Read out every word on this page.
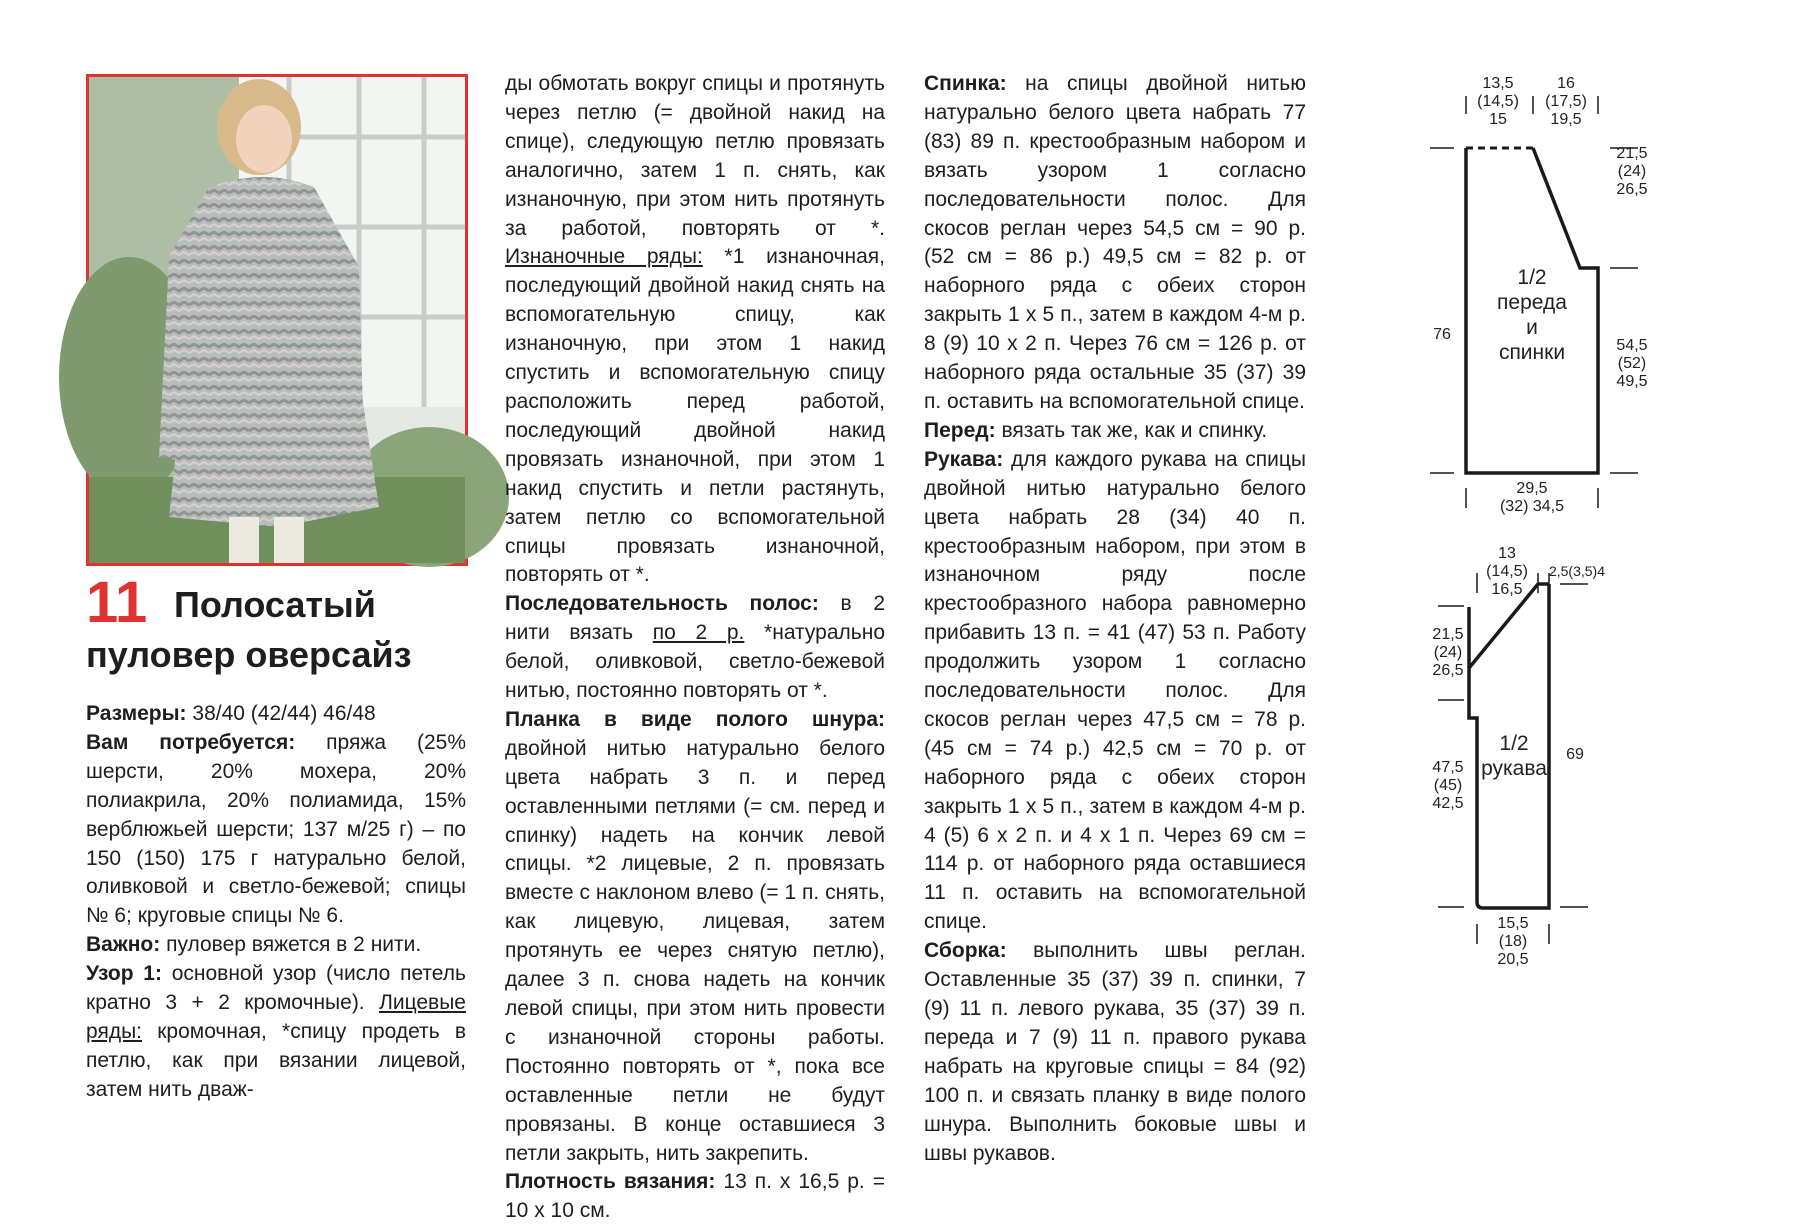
11 Полосатый
пуловер оверсайз

Размеры: 38/40 (42/44) 46/48

Вам потребуется: пряжа (25% шерсти, 20% мохера, 20% полиакрила, 20% полиамида, 15% верблюжьей шерсти; 137 м/25 г) – по 150 (150) 175 г натурально белой, оливковой и светло-бежевой; спицы № 6; круговые спицы № 6.

Важно: пуловер вяжется в 2 нити.

Узор 1: основной узор (число петель кратно 3 + 2 кромочные). Лицевые ряды: кромочная, *спицу продеть в петлю, как при вязании лицевой, затем нить дваж-

ды обмотать вокруг спицы и протянуть через петлю (= двойной накид на спице), следующую петлю провязать аналогично, затем 1 п. снять, как изнаночную, при этом нить протянуть за работой, повторять от *. Изнаночные ряды: *1 изнаночная, последующий двойной накид снять на вспомогательную спицу, как изнаночную, при этом 1 накид спустить и вспомогательную спицу расположить перед работой, последующий двойной накид провязать изнаночной, при этом 1 накид спустить и петли растянуть, затем петлю со вспомогательной спицы провязать изнаночной, повторять от *.

Последовательность полос: в 2 нити вязать по 2 р. *натурально белой, оливковой, светло-бежевой нитью, постоянно повторять от *.

Планка в виде полого шнура: двойной нитью натурально белого цвета набрать 3 п. и перед оставленными петлями (= см. перед и спинку) надеть на кончик левой спицы. *2 лицевые, 2 п. провязать вместе с наклоном влево (= 1 п. снять, как лицевую, лицевая, затем протянуть ее через снятую петлю), далее 3 п. снова надеть на кончик левой спицы, при этом нить провести с изнаночной стороны работы. Постоянно повторять от *, пока все оставленные петли не будут провязаны. В конце оставшиеся 3 петли закрыть, нить закрепить.

Плотность вязания: 13 п. х 16,5 р. = 10 х 10 см.

Спинка: на спицы двойной нитью натурально белого цвета набрать 77 (83) 89 п. крестообразным набором и вязать узором 1 согласно последовательности полос. Для скосов реглан через 54,5 см = 90 р. (52 см = 86 р.) 49,5 см = 82 р. от наборного ряда с обеих сторон закрыть 1 х 5 п., затем в каждом 4-м р. 8 (9) 10 х 2 п. Через 76 см = 126 р. от наборного ряда остальные 35 (37) 39 п. оставить на вспомогательной спице.

Перед: вязать так же, как и спинку.

Рукава: для каждого рукава на спицы двойной нитью натурально белого цвета набрать 28 (34) 40 п. крестообразным набором, при этом в изнаночном ряду после крестообразного набора равномерно прибавить 13 п. = 41 (47) 53 п. Работу продолжить узором 1 согласно последовательности полос. Для скосов реглан через 47,5 см = 78 р. (45 см = 74 р.) 42,5 см = 70 р. от наборного ряда с обеих сторон закрыть 1 х 5 п., затем в каждом 4-м р. 4 (5) 6 х 2 п. и 4 х 1 п. Через 69 см = 114 р. от наборного ряда оставшиеся 11 п. оставить на вспомогательной спице.

Сборка: выполнить швы реглан. Оставленные 35 (37) 39 п. спинки, 7 (9) 11 п. левого рукава, 35 (37) 39 п. переда и 7 (9) 11 п. правого рукава набрать на круговые спицы = 84 (92) 100 п. и связать планку в виде полого шнура. Выполнить боковые швы и швы рукавов.

1/2
переда
и
спинки
13,5
(14,5)
15
16
(17,5)
19,5
21,5
(24)
26,5
54,5
(52)
49,5
76
29,5
(32) 34,5
1/2
рукава
13
(14,5)
16,5
2,5(3,5)4
21,5
(24)
26,5
47,5
(45)
42,5
69
15,5
(18)
20,5
